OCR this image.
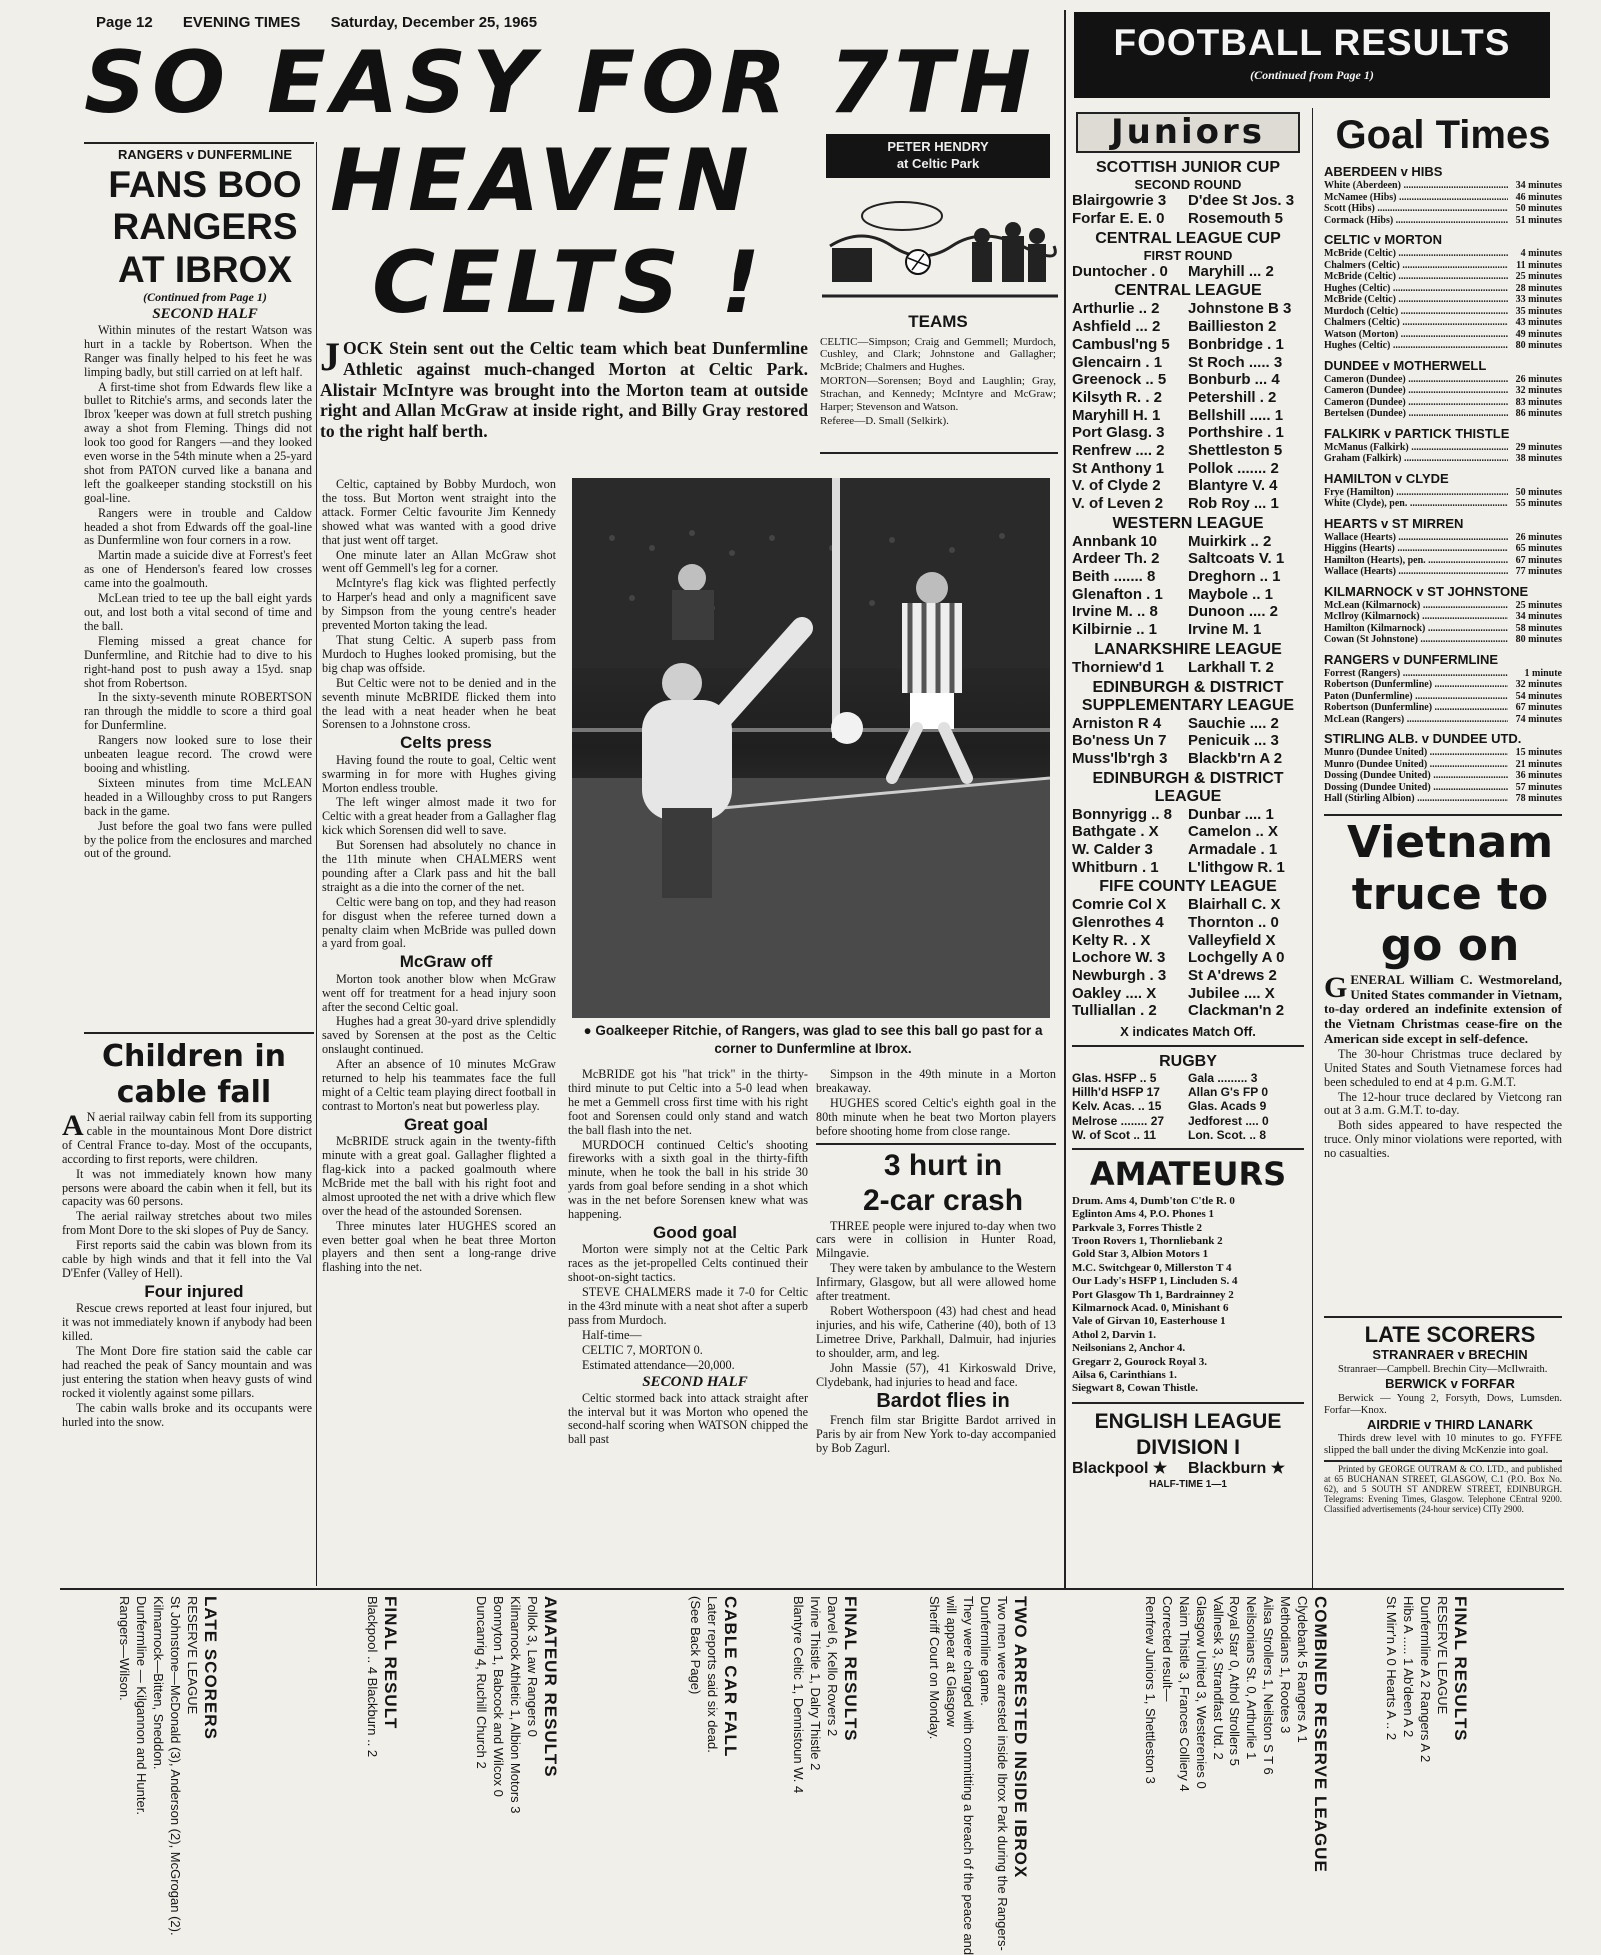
Page 12 EVENING TIMES Saturday, December 25, 1965
SO EASY FOR 7TH
HEAVEN
CELTS !

RANGERS v DUNFERMLINE

FANS BOO

RANGERS

AT IBROX

(Continued from Page 1)

SECOND HALF

Within minutes of the restart Watson was hurt in a tackle by Robertson. When the Ranger was finally helped to his feet he was limping badly, but still carried on at left half.

A first-time shot from Edwards flew like a bullet to Ritchie's arms, and seconds later the Ibrox 'keeper was down at full stretch pushing away a shot from Fleming. Things did not look too good for Rangers —and they looked even worse in the 54th minute when a 25-yard shot from PATON curved like a banana and left the goalkeeper standing stockstill on his goal-line.

Rangers were in trouble and Caldow headed a shot from Edwards off the goal-line as Dunfermline won four corners in a row.

Martin made a suicide dive at Forrest's feet as one of Henderson's feared low crosses came into the goalmouth.

McLean tried to tee up the ball eight yards out, and lost both a vital second of time and the ball.

Fleming missed a great chance for Dunfermline, and Ritchie had to dive to his right-hand post to push away a 15yd. snap shot from Robertson.

In the sixty-seventh minute ROBERTSON ran through the middle to score a third goal for Dunfermline.

Rangers now looked sure to lose their unbeaten league record. The crowd were booing and whistling.

Sixteen minutes from time McLEAN headed in a Willoughby cross to put Rangers back in the game.

Just before the goal two fans were pulled by the police from the enclosures and marched out of the ground.

Children in

cable fall

A N aerial railway cabin fell from its supporting cable in the mountainous Mont Dore district of Central France to-day. Most of the occupants, according to first reports, were children.

It was not immediately known how many persons were aboard the cabin when it fell, but its capacity was 60 persons.

The aerial railway stretches about two miles from Mont Dore to the ski slopes of Puy de Sancy.

First reports said the cabin was blown from its cable by high winds and that it fell into the Val D'Enfer (Valley of Hell).

Four injured

Rescue crews reported at least four injured, but it was not immediately known if anybody had been killed.

The Mont Dore fire station said the cable car had reached the peak of Sancy mountain and was just entering the station when heavy gusts of wind rocked it violently against some pillars.

The cabin walls broke and its occupants were hurled into the snow.

PETER HENDRY
at Celtic Park
TEAMS

CELTIC—Simpson; Craig and Gemmell; Murdoch, Cushley, and Clark; Johnstone and Gallagher; McBride; Chalmers and Hughes.

MORTON—Sorensen; Boyd and Laughlin; Gray, Strachan, and Kennedy; McIntyre and McGraw; Harper; Stevenson and Watson.

Referee—D. Small (Selkirk).

JOCK Stein sent out the Celtic team which beat Dunfermline Athletic against much-changed Morton at Celtic Park. Alistair McIntyre was brought into the Morton team at outside right and Allan McGraw at inside right, and Billy Gray restored to the right half berth.

Celtic, captained by Bobby Murdoch, won the toss. But Morton went straight into the attack. Former Celtic favourite Jim Kennedy showed what was wanted with a good drive that just went off target.

One minute later an Allan McGraw shot went off Gemmell's leg for a corner.

McIntyre's flag kick was flighted perfectly to Harper's head and only a magnificent save by Simpson from the young centre's header prevented Morton taking the lead.

That stung Celtic. A superb pass from Murdoch to Hughes looked promising, but the big chap was offside.

But Celtic were not to be denied and in the seventh minute McBRIDE flicked them into the lead with a neat header when he beat Sorensen to a Johnstone cross.

Celts press

Having found the route to goal, Celtic went swarming in for more with Hughes giving Morton endless trouble.

The left winger almost made it two for Celtic with a great header from a Gallagher flag kick which Sorensen did well to save.

But Sorensen had absolutely no chance in the 11th minute when CHALMERS went pounding after a Clark pass and hit the ball straight as a die into the corner of the net.

Celtic were bang on top, and they had reason for disgust when the referee turned down a penalty claim when McBride was pulled down a yard from goal.

McGraw off

Morton took another blow when McGraw went off for treatment for a head injury soon after the second Celtic goal.

Hughes had a great 30-yard drive splendidly saved by Sorensen at the post as the Celtic onslaught continued.

After an absence of 10 minutes McGraw returned to help his teammates face the full might of a Celtic team playing direct football in contrast to Morton's neat but powerless play.

Great goal

McBRIDE struck again in the twenty-fifth minute with a great goal. Gallagher flighted a flag-kick into a packed goalmouth where McBride met the ball with his right foot and almost uprooted the net with a drive which flew over the head of the astounded Sorensen.

Three minutes later HUGHES scored an even better goal when he beat three Morton players and then sent a long-range drive flashing into the net.

● Goalkeeper Ritchie, of Rangers, was glad to see this ball go past for a corner to Dunfermline at Ibrox.

McBRIDE got his "hat trick" in the thirty-third minute to put Celtic into a 5-0 lead when he met a Gemmell cross first time with his right foot and Sorensen could only stand and watch the ball flash into the net.

MURDOCH continued Celtic's shooting fireworks with a sixth goal in the thirty-fifth minute, when he took the ball in his stride 30 yards from goal before sending in a shot which was in the net before Sorensen knew what was happening.

Good goal

Morton were simply not at the Celtic Park races as the jet-propelled Celts continued their shoot-on-sight tactics.

STEVE CHALMERS made it 7-0 for Celtic in the 43rd minute with a neat shot after a superb pass from Murdoch.

Half-time—

CELTIC 7, MORTON 0.

Estimated attendance—20,000.

SECOND HALF

Celtic stormed back into attack straight after the interval but it was Morton who opened the second-half scoring when WATSON chipped the ball past

Simpson in the 49th minute in a Morton breakaway.

HUGHES scored Celtic's eighth goal in the 80th minute when he beat two Morton players before shooting home from close range.

3 hurt in

2-car crash

THREE people were injured to-day when two cars were in collision in Hunter Road, Milngavie.

They were taken by ambulance to the Western Infirmary, Glasgow, but all were allowed home after treatment.

Robert Wotherspoon (43) had chest and head injuries, and his wife, Catherine (40), both of 13 Limetree Drive, Parkhall, Dalmuir, had injuries to shoulder, arm, and leg.

John Massie (57), 41 Kirkoswald Drive, Clydebank, had injuries to head and face.

Bardot flies in

French film star Brigitte Bardot arrived in Paris by air from New York to-day accompanied by Bob Zagurl.

FOOTBALL RESULTS
(Continued from Page 1)
Juniors

SCOTTISH JUNIOR CUP

SECOND ROUND

Blairgowrie 3	D'dee St Jos. 3
Forfar E. E. 0	Rosemouth 5

CENTRAL LEAGUE CUP

FIRST ROUND

Duntocher . 0	Maryhill ... 2

CENTRAL LEAGUE

Arthurlie .. 2	Johnstone B 3
Ashfield ... 2	Baillieston 2
Cambusl'ng 5	Bonbridge . 1
Glencairn . 1	St Roch ..... 3
Greenock .. 5	Bonburb ... 4
Kilsyth R. . 2	Petershill . 2
Maryhill H. 1	Bellshill ..... 1
Port Glasg. 3	Porthshire . 1
Renfrew .... 2	Shettleston 5
St Anthony 1	Pollok ....... 2
V. of Clyde 2	Blantyre V. 4
V. of Leven 2	Rob Roy ... 1

WESTERN LEAGUE

Annbank 10	Muirkirk .. 2
Ardeer Th. 2	Saltcoats V. 1
Beith ....... 8	Dreghorn .. 1
Glenafton . 1	Maybole .. 1
Irvine M. .. 8	Dunoon .... 2
Kilbirnie .. 1	Irvine M. 1

LANARKSHIRE LEAGUE

Thorniew'd 1	Larkhall T. 2

EDINBURGH & DISTRICT SUPPLEMENTARY LEAGUE

Arniston R 4	Sauchie .... 2
Bo'ness Un 7	Penicuik ... 3
Muss'lb'rgh 3	Blackb'rn A 2

EDINBURGH & DISTRICT LEAGUE

Bonnyrigg .. 8	Dunbar .... 1
Bathgate . X	Camelon .. X
W. Calder 3	Armadale . 1
Whitburn . 1	L'lithgow R. 1

FIFE COUNTY LEAGUE

Comrie Col X	Blairhall C. X
Glenrothes 4	Thornton .. 0
Kelty R. . X	Valleyfield X
Lochore W. 3	Lochgelly A 0
Newburgh . 3	St A'drews 2
Oakley .... X	Jubilee .... X
Tulliallan . 2	Clackman'n 2

X indicates Match Off.

RUGBY

Glas. HSFP .. 5	Gala ......... 3
Hillh'd HSFP 17	Allan G's FP 0
Kelv. Acas. .. 15	Glas. Acads 9
Melrose ........ 27	Jedforest .... 0
W. of Scot .. 11	Lon. Scot. .. 8

AMATEURS

Drum. Ams 4, Dumb'ton C'tle R. 0
Eglinton Ams 4, P.O. Phones 1
Parkvale 3, Forres Thistle 2
Troon Rovers 1, Thornliebank 2
Gold Star 3, Albion Motors 1
M.C. Switchgear 0, Millerston T 4
Our Lady's HSFP 1, Lincluden S. 4
Port Glasgow Th 1, Bardrainney 2
Kilmarnock Acad. 0, Minishant 6
Vale of Girvan 10, Easterhouse 1
Athol 2, Darvin 1.
Neilsonians 2, Anchor 4.
Gregarr 2, Gourock Royal 3.
Ailsa 6, Carinthians 1.
Siegwart 8, Cowan Thistle.

ENGLISH LEAGUE

DIVISION I

Blackpool ★	Blackburn ★

HALF-TIME 1—1

Goal Times

ABERDEEN v HIBS

White (Aberdeen) .....	34 minutes
McNamee (Hibs) .....	46 minutes
Scott (Hibs) .....	50 minutes
Cormack (Hibs) .....	51 minutes

CELTIC v MORTON

McBride (Celtic) .....	4 minutes
Chalmers (Celtic) .....	11 minutes
McBride (Celtic) .....	25 minutes
Hughes (Celtic) .....	28 minutes
McBride (Celtic) .....	33 minutes
Murdoch (Celtic) .....	35 minutes
Chalmers (Celtic) .....	43 minutes
Watson (Morton) .....	49 minutes
Hughes (Celtic) .....	80 minutes

DUNDEE v MOTHERWELL

Cameron (Dundee) .....	26 minutes
Cameron (Dundee) .....	32 minutes
Cameron (Dundee) .....	83 minutes
Bertelsen (Dundee) .....	86 minutes

FALKIRK v PARTICK THISTLE

McManus (Falkirk) .....	29 minutes
Graham (Falkirk) .....	38 minutes

HAMILTON v CLYDE

Frye (Hamilton) .....	50 minutes
White (Clyde), pen. .....	55 minutes

HEARTS v ST MIRREN

Wallace (Hearts) .....	26 minutes
Higgins (Hearts) .....	65 minutes
Hamilton (Hearts), pen. .....	67 minutes
Wallace (Hearts) .....	77 minutes

KILMARNOCK v ST JOHNSTONE

McLean (Kilmarnock) .....	25 minutes
McIlroy (Kilmarnock) .....	34 minutes
Hamilton (Kilmarnock) .....	58 minutes
Cowan (St Johnstone) .....	80 minutes

RANGERS v DUNFERMLINE

Forrest (Rangers) .....	1 minute
Robertson (Dunfermline) .....	32 minutes
Paton (Dunfermline) .....	54 minutes
Robertson (Dunfermline) .....	67 minutes
McLean (Rangers) .....	74 minutes

STIRLING ALB. v DUNDEE UTD.

Munro (Dundee United) .....	15 minutes
Munro (Dundee United) .....	21 minutes
Dossing (Dundee United) .....	36 minutes
Dossing (Dundee United) .....	57 minutes
Hall (Stirling Albion) .....	78 minutes

Vietnam

truce to

go on

GENERAL William C. Westmoreland, United States commander in Vietnam, to-day ordered an indefinite extension of the Vietnam Christmas cease-fire on the American side except in self-defence.

The 30-hour Christmas truce declared by United States and South Vietnamese forces had been scheduled to end at 4 p.m. G.M.T.

The 12-hour truce declared by Vietcong ran out at 3 a.m. G.M.T. to-day.

Both sides appeared to have respected the truce. Only minor violations were reported, with no casualties.

LATE SCORERS

STRANRAER v BRECHIN

Stranraer—Campbell. Brechin City—McIlwraith.

BERWICK v FORFAR

Berwick — Young 2, Forsyth, Dows, Lumsden. Forfar—Knox.

AIRDRIE v THIRD LANARK

Thirds drew level with 10 minutes to go. FYFFE slipped the ball under the diving McKenzie into goal.

Printed by GEORGE OUTRAM & CO. LTD., and published at 65 BUCHANAN STREET, GLASGOW, C.1 (P.O. Box No. 62), and 5 SOUTH ST ANDREW STREET, EDINBURGH. Telegrams: Evening Times, Glasgow. Telephone CEntral 9200. Classified advertisements (24-hour service) CITy 2900.

FINAL RESULTS
RESERVE LEAGUE
Dunfermline A 2 Rangers A 2
Hibs A ..... 1 Ab'deen A 2
St Mirr'n A 0 Hearts A .. 2
COMBINED RESERVE LEAGUE
Clydebank 5 Rangers A 1
Methodians 1, Rootes 3
Ailsa Strollers 1, Neilston S T 6
Neilsonians St. 0, Arthurlie 1
Royal Star 0, Athol Strollers 5
Vallnesk 3, Strandfast Utd. 2
Glasgow United 3, Westerenies 0
Nairn Thistle 3, Frances Colliery 4
Corrected result—
Renfrew Juniors 1, Shettleston 3
TWO ARRESTED INSIDE IBROX
Two men were arrested inside Ibrox Park during the Rangers-
Dunfermline game.
They were charged with committing a breach of the peace and
will appear at Glasgow
Sheriff Court on Monday.
FINAL RESULTS
Darvel 6, Kello Rovers 2
Irvine Thistle 1, Dalry Thistle 2
Blantyre Celtic 1, Dennistoun W. 4
CABLE CAR FALL
Later reports said six dead.
(See Back Page)
AMATEUR RESULTS
Pollok 3, Law Rangers 0
Kilmarnock Athletic 1, Albion Motors 3
Bonnyton 1, Babcock and Wilcox 0
Duncanrig 4, Ruchill Church 2
FINAL RESULT
Blackpool .. 4 Blackburn .. 2
LATE SCORERS
RESERVE LEAGUE
St Johnstone—McDonald (3), Anderson (2), McGrogan (2).
Kilmarnock—Bitten, Sneddon.
Dunfermline — Kilgannon and Hunter.
Rangers—Wilson.
